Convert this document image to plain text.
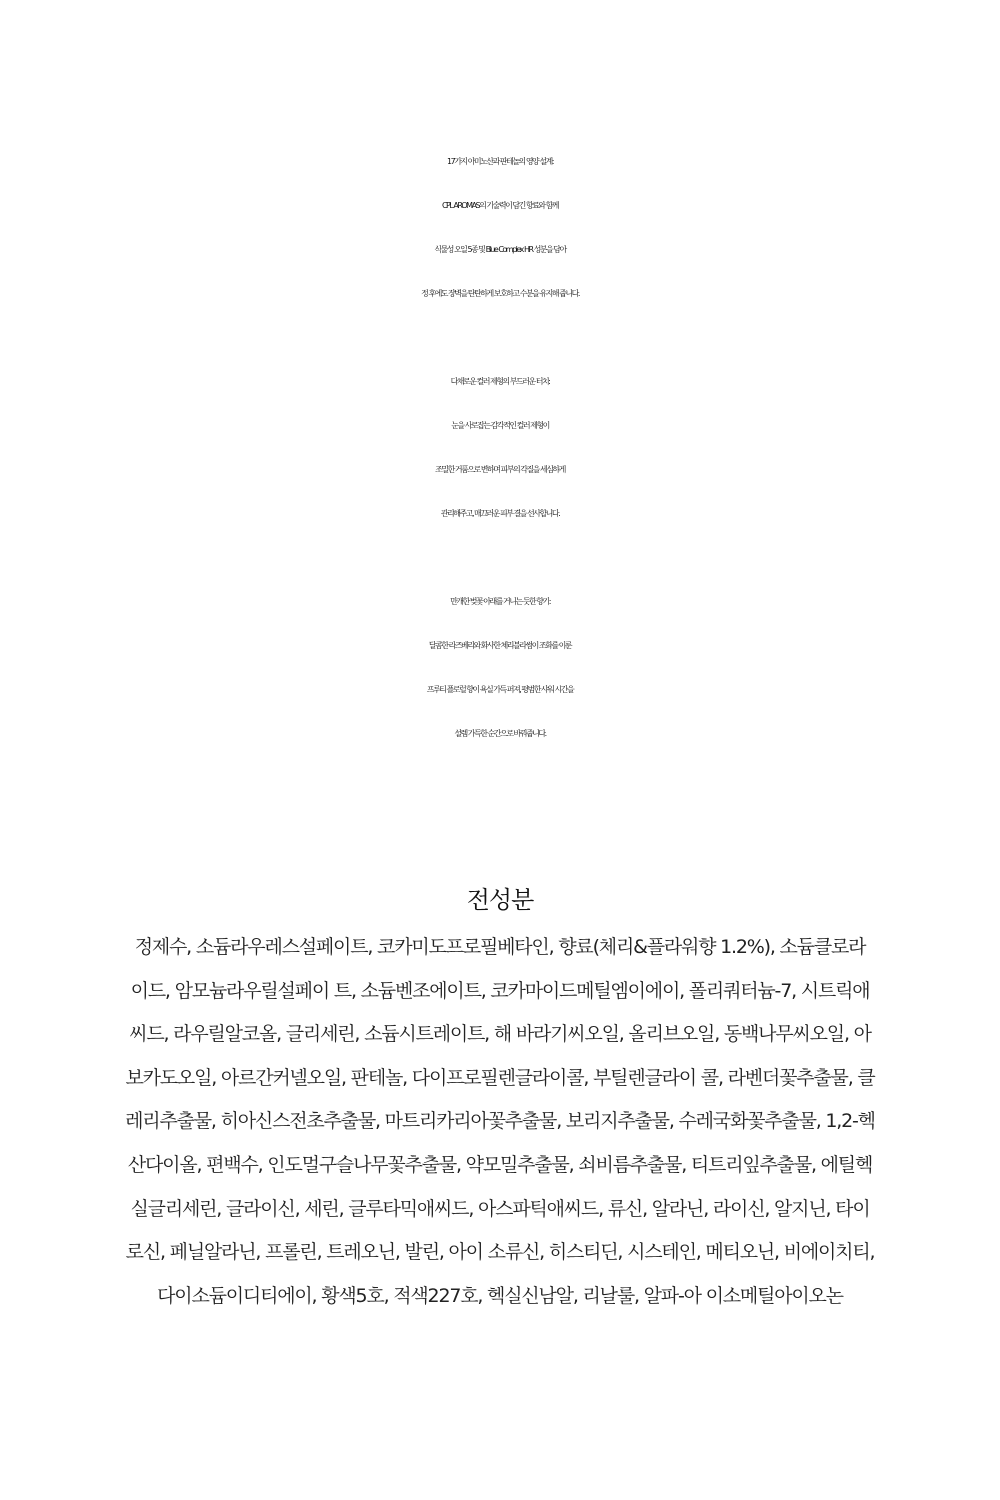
17가지 아미노산과 판테놀의 영양 설계:
CPL AROMAS의 기술력이 담긴 향료와 함께
식물성 오일 5종 및 Blue Complex HR 성분을 담아
정 후에도 장벽을 탄탄하게 보호하고 수분을 유지해 줍니다.
다채로운 컬러 제형의 부드러운 터치:
눈을 사로잡는 감각적인 컬러 제형이
조밀한 거품으로 변하며 피부의 각질을 세심하게
관리해주고, 매끄러운 피부 결을 선사합니다.
만개한 벚꽃 아래를 거니는 듯한 향기:
달콤한 라즈베리와 화사한 체리블라썸이 조화를 이룬
프루티 플로럴 향이 욕실 가득 퍼져, 평범한 샤워 시간을
설렘 가득한 순간으로 바꿔줍니다.
전성분
정제수, 소듐라우레스설페이트, 코카미도프로필베타인, 향료(체리&플라워향 1.2%), 소듐클로라
이드, 암모늄라우릴설페이 트, 소듐벤조에이트, 코카마이드메틸엠이에이, 폴리쿼터늄-7, 시트릭애
씨드, 라우릴알코올, 글리세린, 소듐시트레이트, 해 바라기씨오일, 올리브오일, 동백나무씨오일, 아
보카도오일, 아르간커넬오일, 판테놀, 다이프로필렌글라이콜, 부틸렌글라이 콜, 라벤더꽃추출물, 클
레리추출물, 히아신스전초추출물, 마트리카리아꽃추출물, 보리지추출물, 수레국화꽃추출물, 1,2-헥
산다이올, 편백수, 인도멀구슬나무꽃추출물, 약모밀추출물, 쇠비름추출물, 티트리잎추출물, 에틸헥
실글리세린, 글라이신, 세린, 글루타믹애씨드, 아스파틱애씨드, 류신, 알라닌, 라이신, 알지닌, 타이
로신, 페닐알라닌, 프롤린, 트레오닌, 발린, 아이 소류신, 히스티딘, 시스테인, 메티오닌, 비에이치티,
다이소듐이디티에이, 황색5호, 적색227호, 헥실신남알, 리날룰, 알파-아 이소메틸아이오논
